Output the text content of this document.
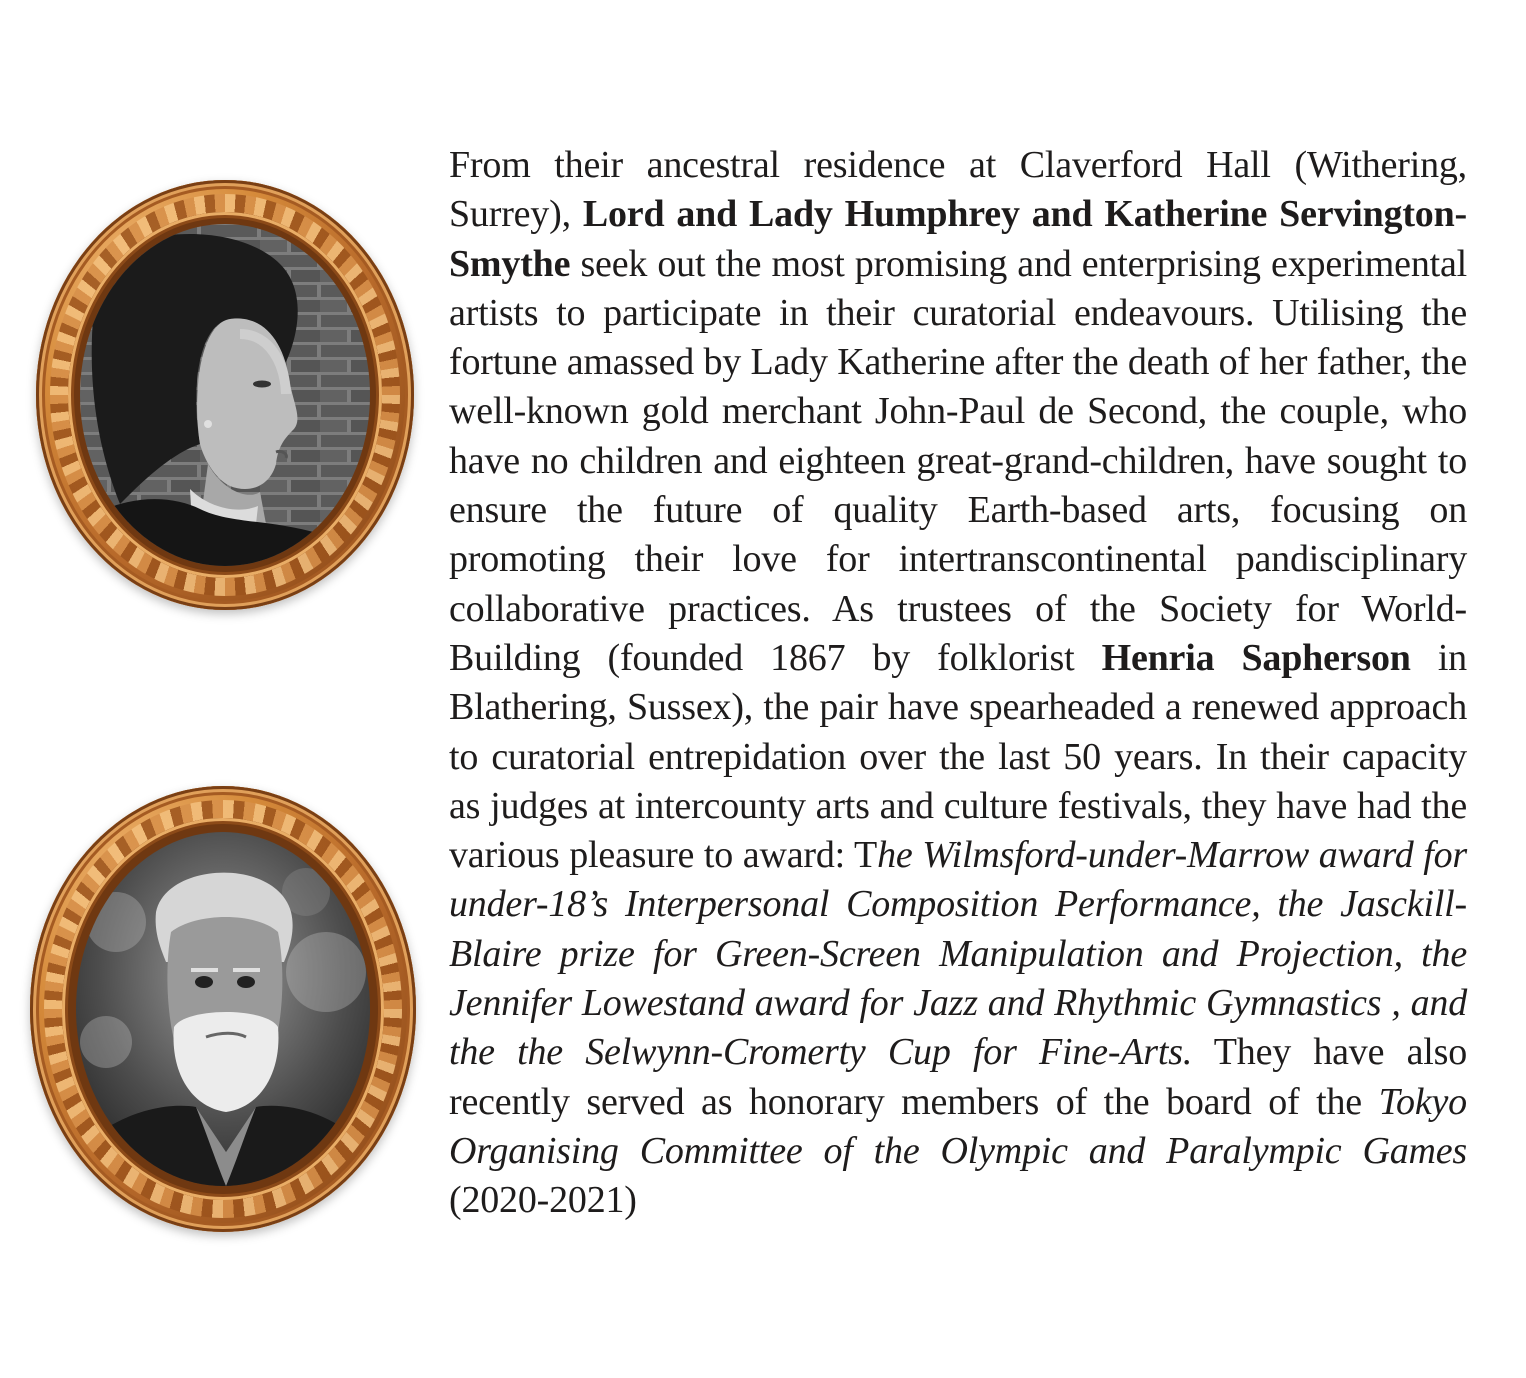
From their ancestral residence at Claverford Hall (Withering, Surrey), Lord and Lady Humphrey and Katherine Servington-Smythe seek out the most promising and enterprising experimental artists to participate in their curatorial endeavours. Utilising the fortune amassed by Lady Katherine after the death of her father, the well-known gold merchant John-Paul de Second, the couple, who have no children and eighteen great-grand-children, have sought to ensure the future of quality Earth-based arts, focusing on promoting their love for intertranscontinental pandisciplinary collaborative practices. As trustees of the Society for World-Building (founded 1867 by folklorist Henria Sapherson in Blathering, Sussex), the pair have spearheaded a renewed approach to curatorial entrepidation over the last 50 years. In their capacity as judges at intercounty arts and culture festivals, they have had the various pleasure to award: The Wilmsford-under-Marrow award for under-18’s Interpersonal Composition Performance, the Jasckill-Blaire prize for Green-Screen Manipulation and Projection, the Jennifer Lowestand award for Jazz and Rhythmic Gymnastics , and the the Selwynn-Cromerty Cup for Fine-Arts. They have also recently served as honorary members of the board of the Tokyo Organising Committee of the Olympic and Paralympic Games (2020-2021)
